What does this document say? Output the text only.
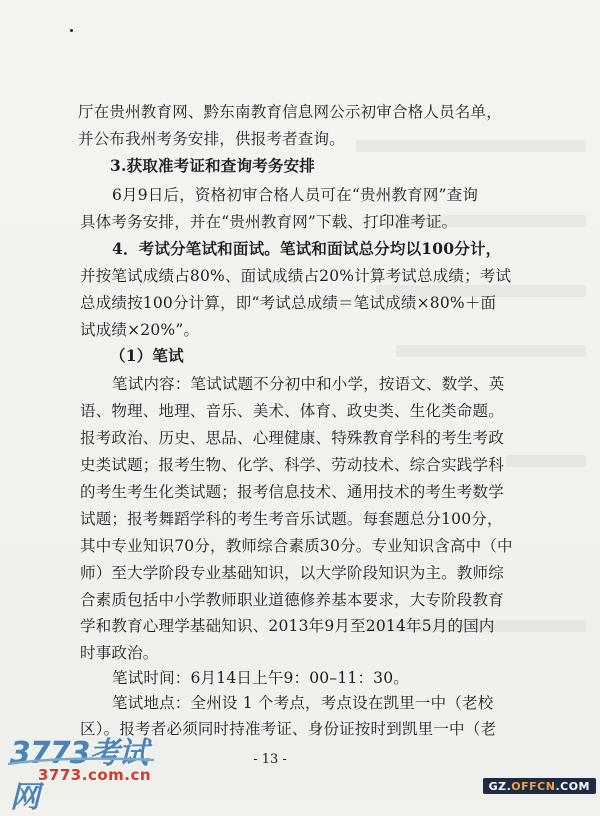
厅在贵州教育网、黔东南教育信息网公示初审合格人员名单，
并公布我州考务安排，供报考者查询。
3.获取准考证和查询考务安排
6月9日后，资格初审合格人员可在“贵州教育网”查询
具体考务安排，并在“贵州教育网”下载、打印准考证。
4．考试分笔试和面试。笔试和面试总分均以100分计，
并按笔试成绩占80%、面试成绩占20%计算考试总成绩；考试
总成绩按100分计算，即“考试总成绩＝笔试成绩×80%＋面
试成绩×20%”。
（1）笔试
笔试内容：笔试试题不分初中和小学，按语文、数学、英
语、物理、地理、音乐、美术、体育、政史类、生化类命题。
报考政治、历史、思品、心理健康、特殊教育学科的考生考政
史类试题；报考生物、化学、科学、劳动技术、综合实践学科
的考生考生化类试题；报考信息技术、通用技术的考生考数学
试题；报考舞蹈学科的考生考音乐试题。每套题总分100分，
其中专业知识70分，教师综合素质30分。专业知识含高中（中
师）至大学阶段专业基础知识，以大学阶段知识为主。教师综
合素质包括中小学教师职业道德修养基本要求，大专阶段教育
学和教育心理学基础知识、2013年9月至2014年5月的国内
时事政治。
笔试时间：6月14日上午9：00–11：30。
笔试地点：全州设 1 个考点，考点设在凯里一中（老校
区）。报考者必须同时持准考证、身份证按时到凯里一中（老
- 13 -
3773考试网
3773.com.cn
GZ. OFFCN .COM
